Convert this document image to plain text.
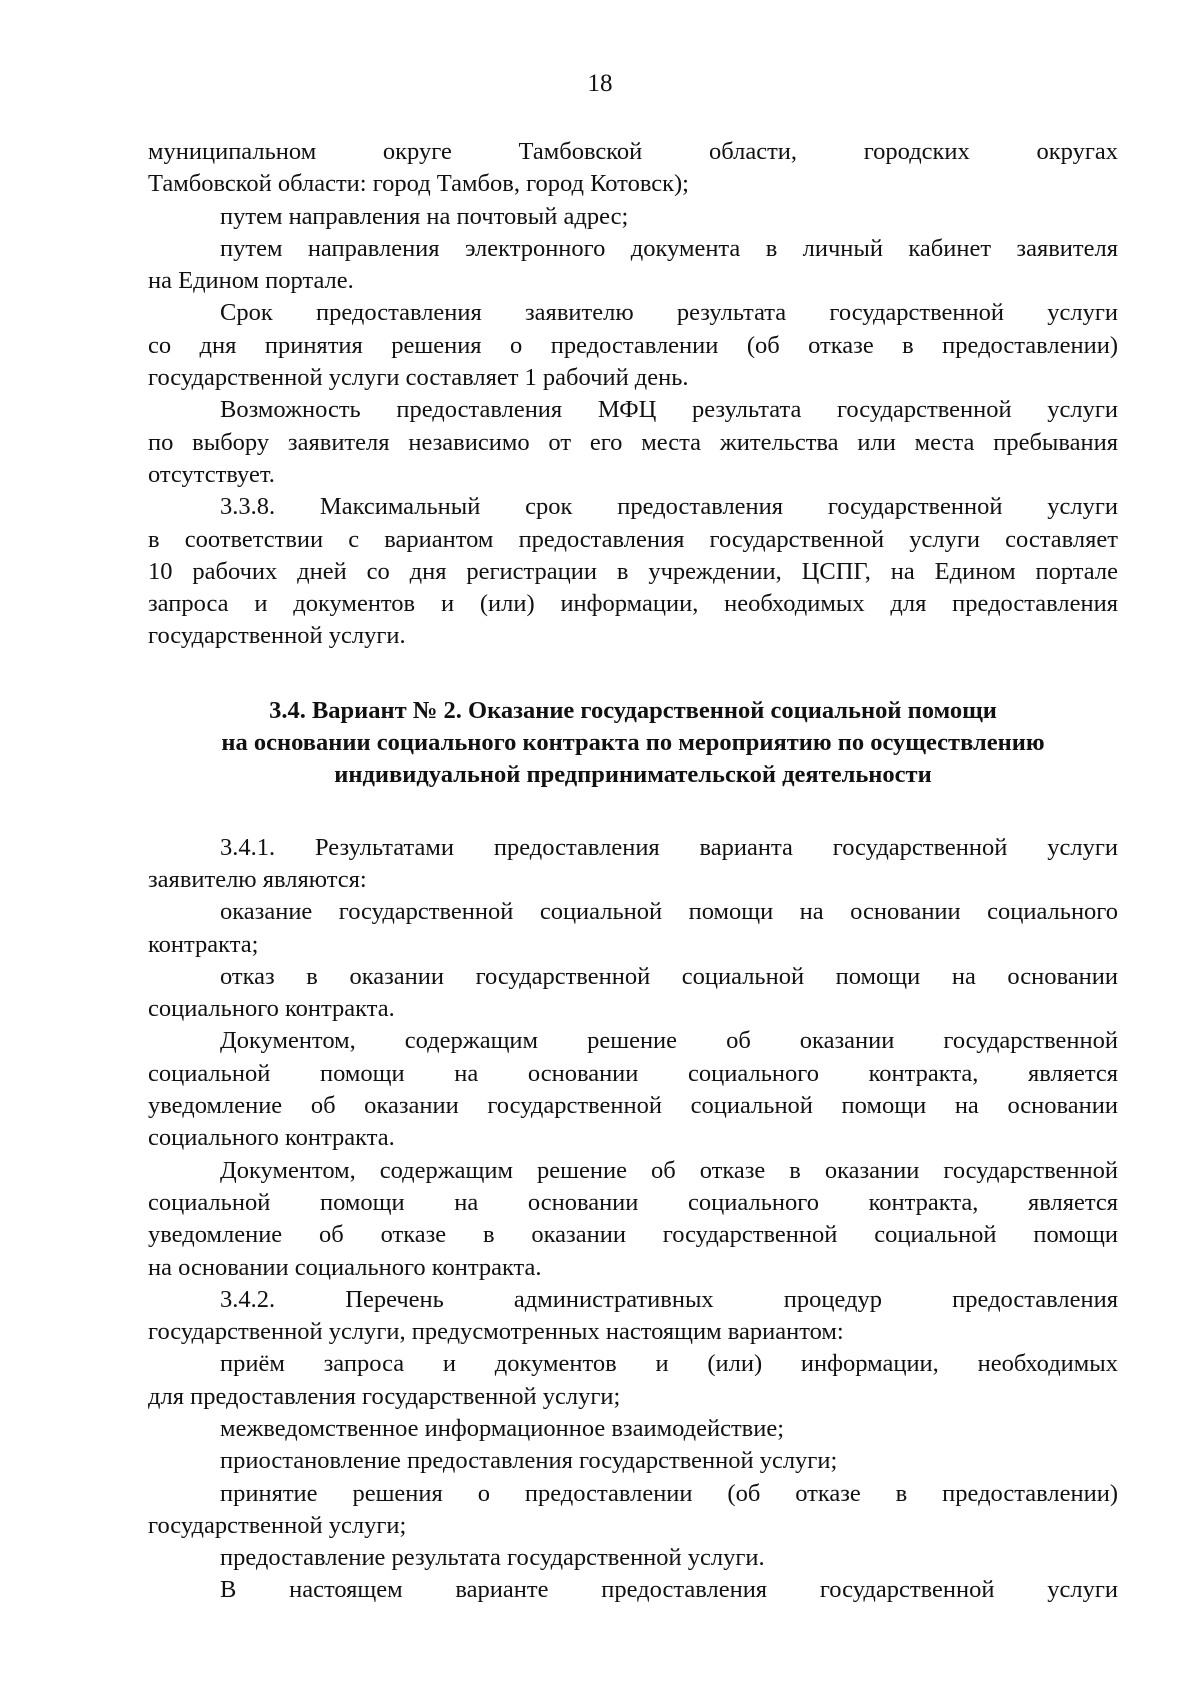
18
муниципальном округе Тамбовской области, городских округах
Тамбовской области: город Тамбов, город Котовск);
путем направления на почтовый адрес;
путем направления электронного документа в личный кабинет заявителя
на Едином портале.
Срок предоставления заявителю результата государственной услуги
со дня принятия решения о предоставлении (об отказе в предоставлении)
государственной услуги составляет 1 рабочий день.
Возможность предоставления МФЦ результата государственной услуги
по выбору заявителя независимо от его места жительства или места пребывания
отсутствует.
3.3.8. Максимальный срок предоставления государственной услуги
в соответствии с вариантом предоставления государственной услуги составляет
10 рабочих дней со дня регистрации в учреждении, ЦСПГ, на Едином портале
запроса и документов и (или) информации, необходимых для предоставления
государственной услуги.
3.4. Вариант № 2. Оказание государственной социальной помощи
на основании социального контракта по мероприятию по осуществлению
индивидуальной предпринимательской деятельности
3.4.1. Результатами предоставления варианта государственной услуги
заявителю являются:
оказание государственной социальной помощи на основании социального
контракта;
отказ в оказании государственной социальной помощи на основании
социального контракта.
Документом, содержащим решение об оказании государственной
социальной помощи на основании социального контракта, является
уведомление об оказании государственной социальной помощи на основании
социального контракта.
Документом, содержащим решение об отказе в оказании государственной
социальной помощи на основании социального контракта, является
уведомление об отказе в оказании государственной социальной помощи
на основании социального контракта.
3.4.2. Перечень административных процедур предоставления
государственной услуги, предусмотренных настоящим вариантом:
приём запроса и документов и (или) информации, необходимых
для предоставления государственной услуги;
межведомственное информационное взаимодействие;
приостановление предоставления государственной услуги;
принятие решения о предоставлении (об отказе в предоставлении)
государственной услуги;
предоставление результата государственной услуги.
В настоящем варианте предоставления государственной услуги
